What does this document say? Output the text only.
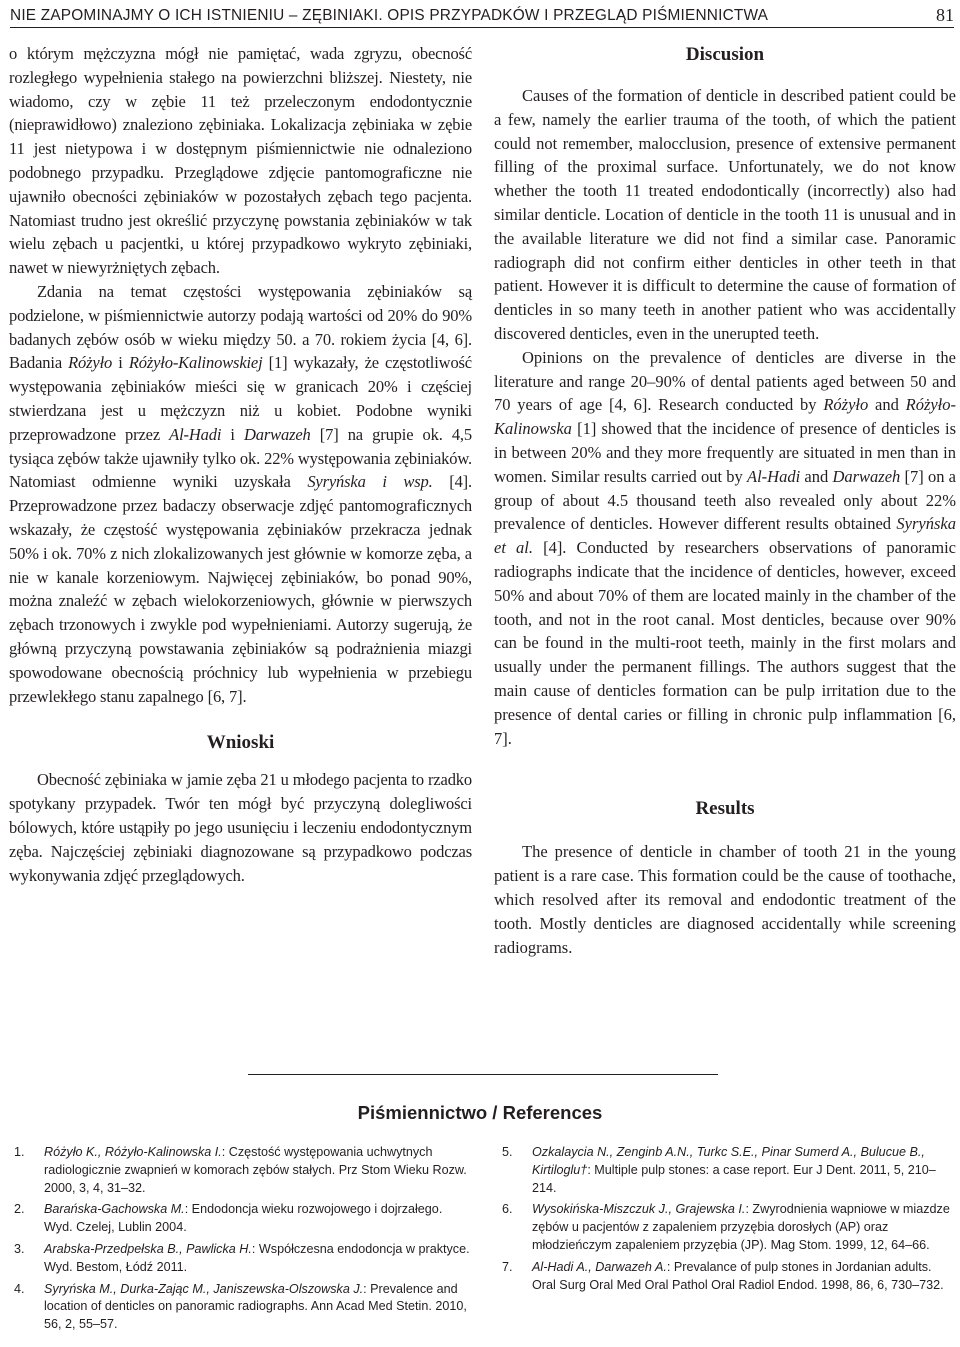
NIE ZAPOMINAJMY O ICH ISTNIENIU – ZĘBINIAKI. OPIS PRZYPADKÓW I PRZEGLĄD PIŚMIENNICTWA	81

o którym mężczyzna mógł nie pamiętać, wada zgryzu, obecność rozległego wypełnienia stałego na powierzchni bliższej. Niestety, nie wiadomo, czy w zębie 11 też przeleczonym endodontycznie (nieprawidłowo) znaleziono zębiniaka. Lokalizacja zębiniaka w zębie 11 jest nietypowa i w dostępnym piśmiennictwie nie odnaleziono podobnego przypadku. Przeglądowe zdjęcie pantomograficzne nie ujawniło obecności zębiniaków w pozostałych zębach tego pacjenta. Natomiast trudno jest określić przyczynę powstania zębiniaków w tak wielu zębach u pacjentki, u której przypadkowo wykryto zębiniaki, nawet w niewyrżniętych zębach.

Zdania na temat częstości występowania zębiniaków są podzielone, w piśmiennictwie autorzy podają wartości od 20% do 90% badanych zębów osób w wieku między 50. a 70. rokiem życia [4, 6]. Badania Różyło i Różyło-Kalinowskiej [1] wykazały, że częstotliwość występowania zębiniaków mieści się w granicach 20% i częściej stwierdzana jest u mężczyzn niż u kobiet. Podobne wyniki przeprowadzone przez Al-Hadi i Darwazeh [7] na grupie ok. 4,5 tysiąca zębów także ujawniły tylko ok. 22% występowania zębiniaków. Natomiast odmienne wyniki uzyskała Syryńska i wsp. [4]. Przeprowadzone przez badaczy obserwacje zdjęć pantomograficznych wskazały, że częstość występowania zębiniaków przekracza jednak 50% i ok. 70% z nich zlokalizowanych jest głównie w komorze zęba, a nie w kanale korzeniowym. Najwięcej zębiniaków, bo ponad 90%, można znaleźć w zębach wielokorzeniowych, głównie w pierwszych zębach trzonowych i zwykle pod wypełnieniami. Autorzy sugerują, że główną przyczyną powstawania zębiniaków są podrażnienia miazgi spowodowane obecnością próchnicy lub wypełnienia w przebiegu przewlekłego stanu zapalnego [6, 7].

Wnioski

Obecność zębiniaka w jamie zęba 21 u młodego pacjenta to rzadko spotykany przypadek. Twór ten mógł być przyczyną dolegliwości bólowych, które ustąpiły po jego usunięciu i leczeniu endodontycznym zęba. Najczęściej zębiniaki diagnozowane są przypadkowo podczas wykonywania zdjęć przeglądowych.

Discusion

Causes of the formation of denticle in described patient could be a few, namely the earlier trauma of the tooth, of which the patient could not remember, malocclusion, presence of extensive permanent filling of the proximal surface. Unfortunately, we do not know whether the tooth 11 treated endodontically (incorrectly) also had similar denticle. Location of denticle in the tooth 11 is unusual and in the available literature we did not find a similar case. Panoramic radiograph did not confirm either denticles in other teeth in that patient. However it is difficult to determine the cause of formation of denticles in so many teeth in another patient who was accidentally discovered denticles, even in the unerupted teeth.

Opinions on the prevalence of denticles are diverse in the literature and range 20–90% of dental patients aged between 50 and 70 years of age [4, 6]. Research conducted by Różyło and Różyło-Kalinowska [1] showed that the incidence of presence of denticles is in between 20% and they more frequently are situated in men than in women. Similar results carried out by Al-Hadi and Darwazeh [7] on a group of about 4.5 thousand teeth also revealed only about 22% prevalence of denticles. However different results obtained Syryńska et al. [4]. Conducted by researchers observations of panoramic radiographs indicate that the incidence of denticles, however, exceed 50% and about 70% of them are located mainly in the chamber of the tooth, and not in the root canal. Most denticles, because over 90% can be found in the multi-root teeth, mainly in the first molars and usually under the permanent fillings. The authors suggest that the main cause of denticles formation can be pulp irritation due to the presence of dental caries or filling in chronic pulp inflammation [6, 7].

Results

The presence of denticle in chamber of tooth 21 in the young patient is a rare case. This formation could be the cause of toothache, which resolved after its removal and endodontic treatment of the tooth. Mostly denticles are diagnosed accidentally while screening radiograms.

Piśmiennictwo / References
1. Różyło K., Różyło-Kalinowska I.: Częstość występowania uchwytnych radiologicznie zwapnień w komorach zębów stałych. Prz Stom Wieku Rozw. 2000, 3, 4, 31–32.
2. Barańska-Gachowska M.: Endodoncja wieku rozwojowego i dojrzałego. Wyd. Czelej, Lublin 2004.
3. Arabska-Przedpełska B., Pawlicka H.: Współczesna endodoncja w praktyce. Wyd. Bestom, Łódź 2011.
4. Syryńska M., Durka-Zając M., Janiszewska-Olszowska J.: Prevalence and location of denticles on panoramic radiographs. Ann Acad Med Stetin. 2010, 56, 2, 55–57.
5. Ozkalaycia N., Zenginb A.N., Turkc S.E., Pinar Sumerd A., Bulucue B., Kirtiloglu†: Multiple pulp stones: a case report. Eur J Dent. 2011, 5, 210–214.
6. Wysokińska-Miszczuk J., Grajewska I.: Zwyrodnienia wapniowe w miazdze zębów u pacjentów z zapaleniem przyzębia dorosłych (AP) oraz młodzieńczym zapaleniem przyzębia (JP). Mag Stom. 1999, 12, 64–66.
7. Al-Hadi A., Darwazeh A.: Prevalance of pulp stones in Jordanian adults. Oral Surg Oral Med Oral Pathol Oral Radiol Endod. 1998, 86, 6, 730–732.
